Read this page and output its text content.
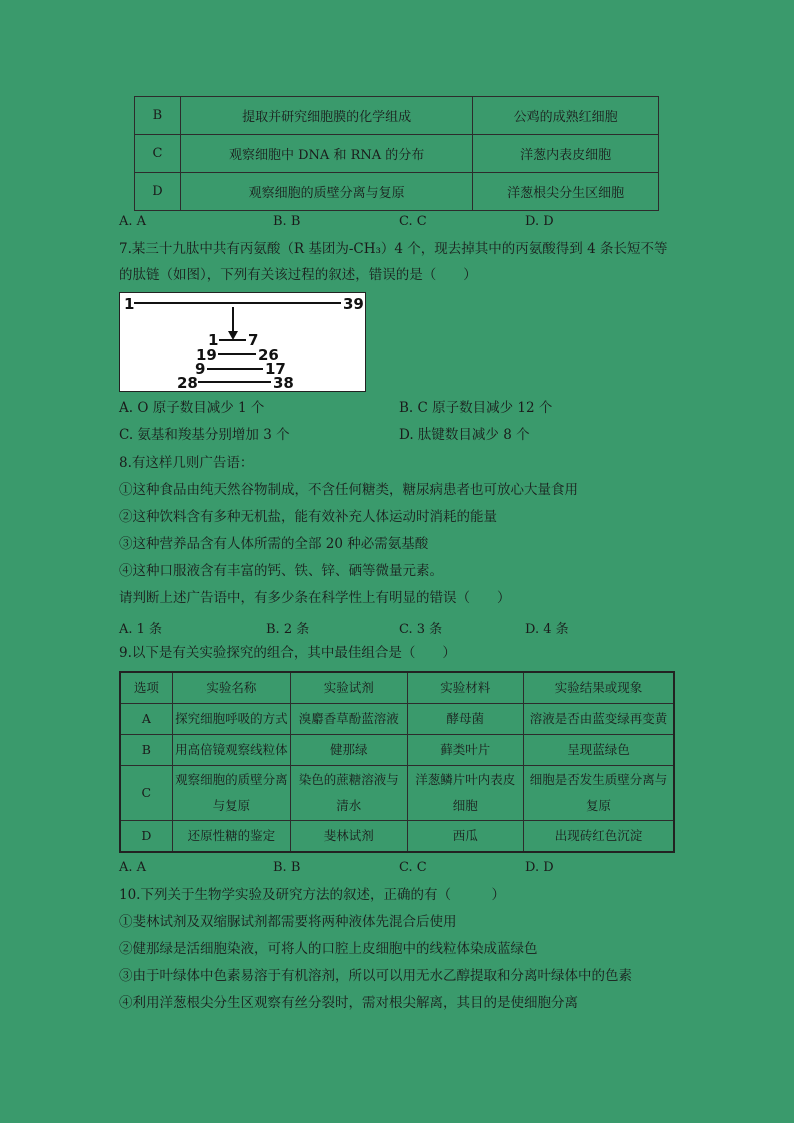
B	提取并研究细胞膜的化学组成	公鸡的成熟红细胞
C	观察细胞中 DNA 和 RNA 的分布	洋葱内表皮细胞
D	观察细胞的质壁分离与复原	洋葱根尖分生区细胞
A. A	B. B	C. C	D. D
7.某三十九肽中共有丙氨酸（R 基团为-CH₃）4 个，现去掉其中的丙氨酸得到 4 条长短不等
的肽链（如图），下列有关该过程的叙述，错误的是（　　）
1	39
1 7
19	26
9	17
28	38
A. O 原子数目减少 1 个	B. C 原子数目减少 12 个
C. 氨基和羧基分别增加 3 个	D. 肽键数目减少 8 个
8.有这样几则广告语：
①这种食品由纯天然谷物制成，不含任何糖类，糖尿病患者也可放心大量食用
②这种饮料含有多种无机盐，能有效补充人体运动时消耗的能量
③这种营养品含有人体所需的全部 20 种必需氨基酸
④这种口服液含有丰富的钙、铁、锌、硒等微量元素。
请判断上述广告语中，有多少条在科学性上有明显的错误（　　）
A. 1 条	B. 2 条	C. 3 条	D. 4 条
9.以下是有关实验探究的组合，其中最佳组合是（　　）
选项	实验名称	实验试剂	实验材料	实验结果或现象
A	探究细胞呼吸的方式	溴麝香草酚蓝溶液	酵母菌	溶液是否由蓝变绿再变黄
B	用高倍镜观察线粒体	健那绿	藓类叶片	呈现蓝绿色
C	观察细胞的质壁分离与复原	染色的蔗糖溶液与清水	洋葱鳞片叶内表皮细胞	细胞是否发生质壁分离与复原
D	还原性糖的鉴定	斐林试剂	西瓜	出现砖红色沉淀
A. A	B. B	C. C	D. D
10.下列关于生物学实验及研究方法的叙述，正确的有（　　　）
①斐林试剂及双缩脲试剂都需要将两种液体先混合后使用
②健那绿是活细胞染液，可将人的口腔上皮细胞中的线粒体染成蓝绿色
③由于叶绿体中色素易溶于有机溶剂，所以可以用无水乙醇提取和分离叶绿体中的色素
④利用洋葱根尖分生区观察有丝分裂时，需对根尖解离，其目的是使细胞分离
